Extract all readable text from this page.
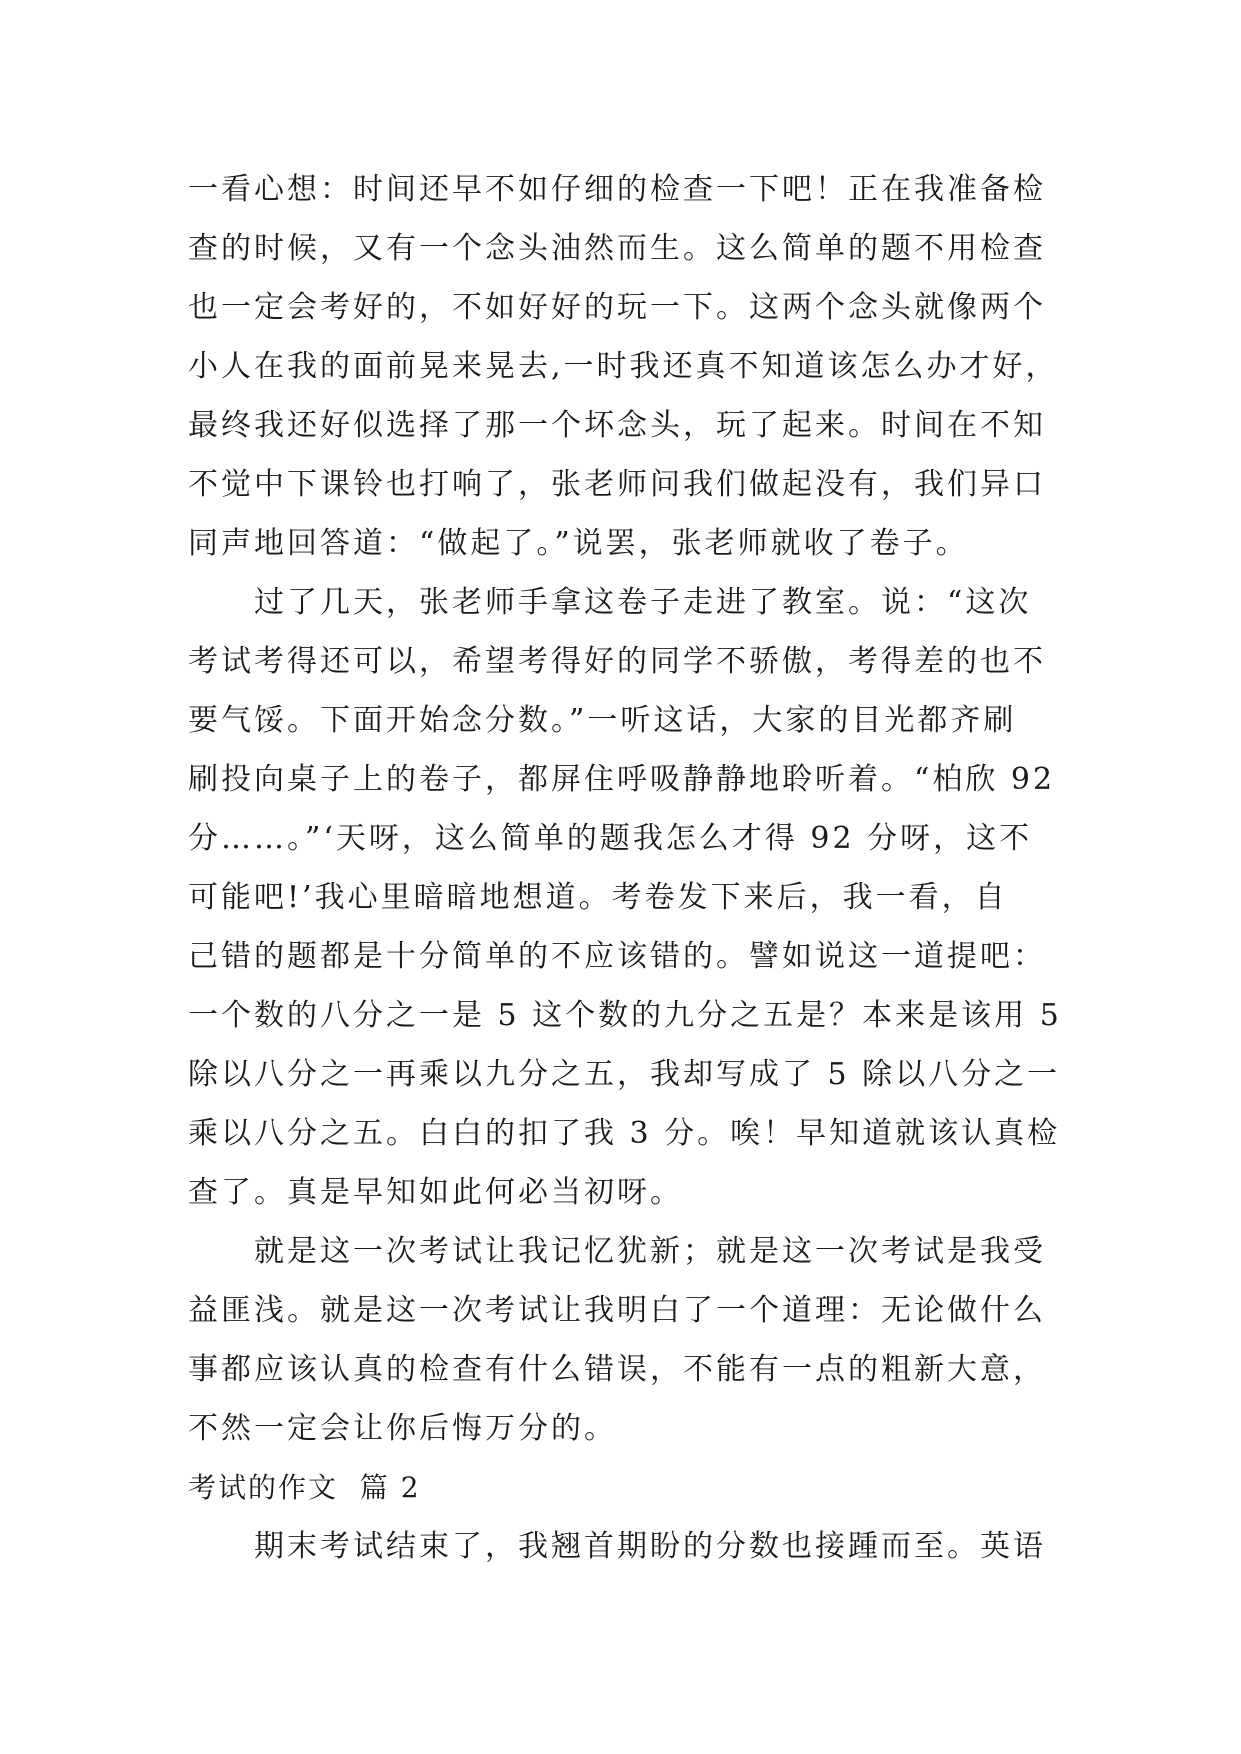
一看心想：时间还早不如仔细的检查一下吧！正在我准备检
查的时候，又有一个念头油然而生。这么简单的题不用检查
也一定会考好的，不如好好的玩一下。这两个念头就像两个
小人在我的面前晃来晃去,一时我还真不知道该怎么办才好，
最终我还好似选择了那一个坏念头，玩了起来。时间在不知
不觉中下课铃也打响了，张老师问我们做起没有，我们异口
同声地回答道：“做起了。”说罢，张老师就收了卷子。
过了几天，张老师手拿这卷子走进了教室。说：“这次
考试考得还可以，希望考得好的同学不骄傲，考得差的也不
要气馁。下面开始念分数。”一听这话，大家的目光都齐刷
刷投向桌子上的卷子，都屏住呼吸静静地聆听着。“柏欣 92
分……。”‘天呀，这么简单的题我怎么才得 92 分呀，这不
可能吧!’我心里暗暗地想道。考卷发下来后，我一看，自
己错的题都是十分简单的不应该错的。譬如说这一道提吧：
一个数的八分之一是 5 这个数的九分之五是？本来是该用 5
除以八分之一再乘以九分之五，我却写成了 5 除以八分之一
乘以八分之五。白白的扣了我 3 分。唉！早知道就该认真检
查了。真是早知如此何必当初呀。
就是这一次考试让我记忆犹新；就是这一次考试是我受
益匪浅。就是这一次考试让我明白了一个道理：无论做什么
事都应该认真的检查有什么错误，不能有一点的粗新大意，
不然一定会让你后悔万分的。
考试的作文  篇 2
期末考试结束了，我翘首期盼的分数也接踵而至。英语
